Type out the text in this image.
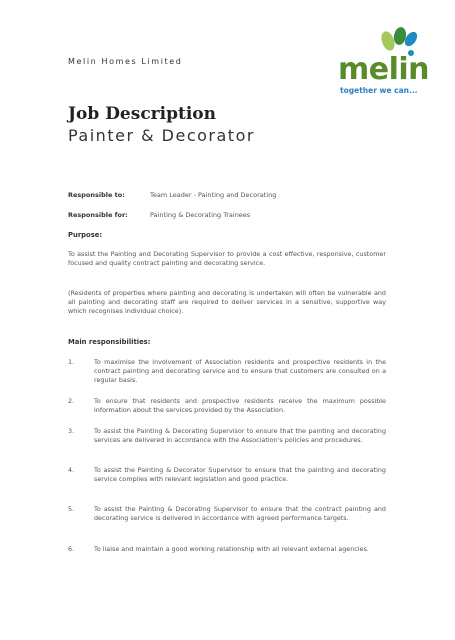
Melin Homes Limited	melin
together we can...
Job Description
Painter & Decorator
Responsible to:	Team Leader - Painting and Decorating
Responsible for:	Painting & Decorating Trainees
Purpose:
To assist the Painting and Decorating Supervisor to provide a cost effective, responsive, customer focused and quality contract painting and decorating service.
(Residents of properties where painting and decorating is undertaken will often be vulnerable and all painting and decorating staff are required to deliver services in a sensitive, supportive way which recognises individual choice).
Main responsibilities:
1.	To maximise the involvement of Association residents and prospective residents in the contract painting and decorating service and to ensure that customers are consulted on a regular basis.
2.	To ensure that residents and prospective residents receive the maximum possible information about the services provided by the Association.
3.	To assist the Painting & Decorating Supervisor to ensure that the painting and decorating services are delivered in accordance with the Association's policies and procedures.
4.	To assist the Painting & Decorator Supervisor to ensure that the painting and decorating service complies with relevant legislation and good practice.
5.	To assist the Painting & Decorating Supervisor to ensure that the contract painting and decorating service is delivered in accordance with agreed performance targets.
6.	To liaise and maintain a good working relationship with all relevant external agencies.
